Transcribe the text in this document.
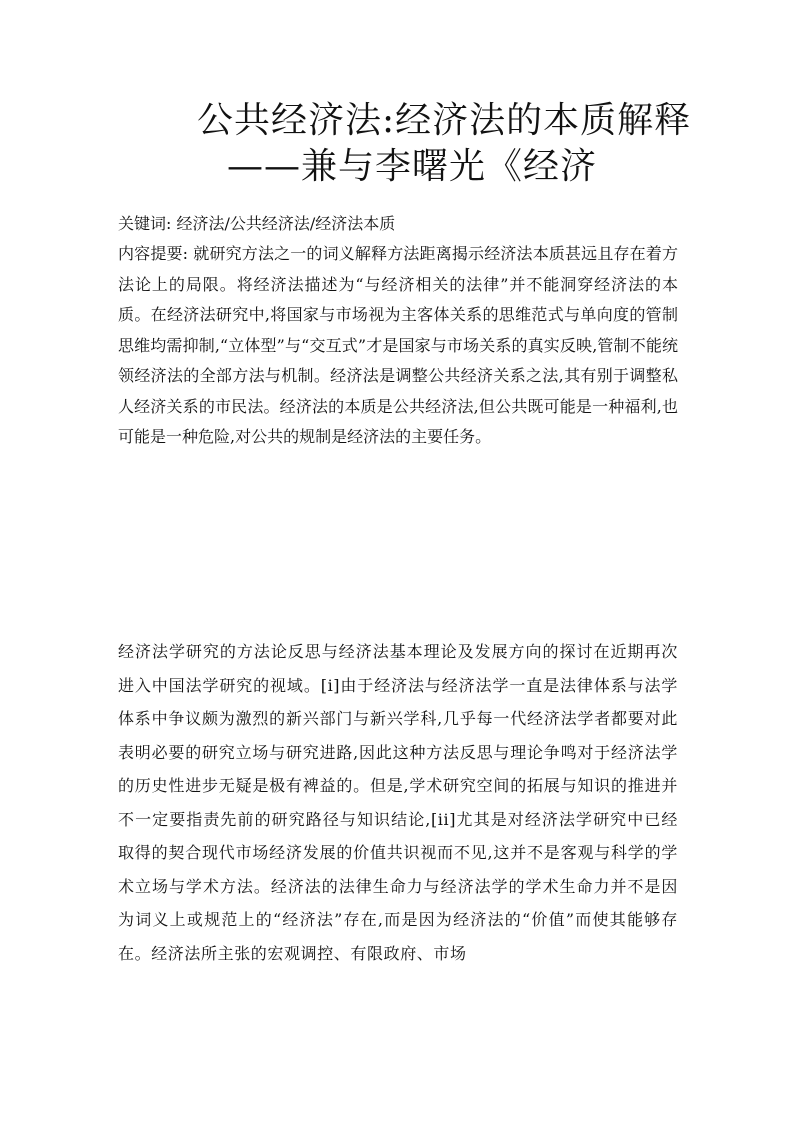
公共经济法:经济法的本质解释
——兼与李曙光《经济

关键词: 经济法/公共经济法/经济法本质

内容提要: 就研究方法之一的词义解释方法距离揭示经济法本质甚远且存在着方法论上的局限。将经济法描述为“与经济相关的法律”并不能洞穿经济法的本质。在经济法研究中,将国家与市场视为主客体关系的思维范式与单向度的管制思维均需抑制,“立体型”与“交互式”才是国家与市场关系的真实反映,管制不能统领经济法的全部方法与机制。经济法是调整公共经济关系之法,其有别于调整私人经济关系的市民法。经济法的本质是公共经济法,但公共既可能是一种福利,也可能是一种危险,对公共的规制是经济法的主要任务。

经济法学研究的方法论反思与经济法基本理论及发展方向的探讨在近期再次进入中国法学研究的视域。[i]由于经济法与经济法学一直是法律体系与法学体系中争议颇为激烈的新兴部门与新兴学科,几乎每一代经济法学者都要对此表明必要的研究立场与研究进路,因此这种方法反思与理论争鸣对于经济法学的历史性进步无疑是极有裨益的。但是,学术研究空间的拓展与知识的推进并不一定要指责先前的研究路径与知识结论,[ii]尤其是对经济法学研究中已经取得的契合现代市场经济发展的价值共识视而不见,这并不是客观与科学的学术立场与学术方法。经济法的法律生命力与经济法学的学术生命力并不是因为词义上或规范上的“经济法”存在,而是因为经济法的“价值”而使其能够存在。经济法所主张的宏观调控、有限政府、市场
